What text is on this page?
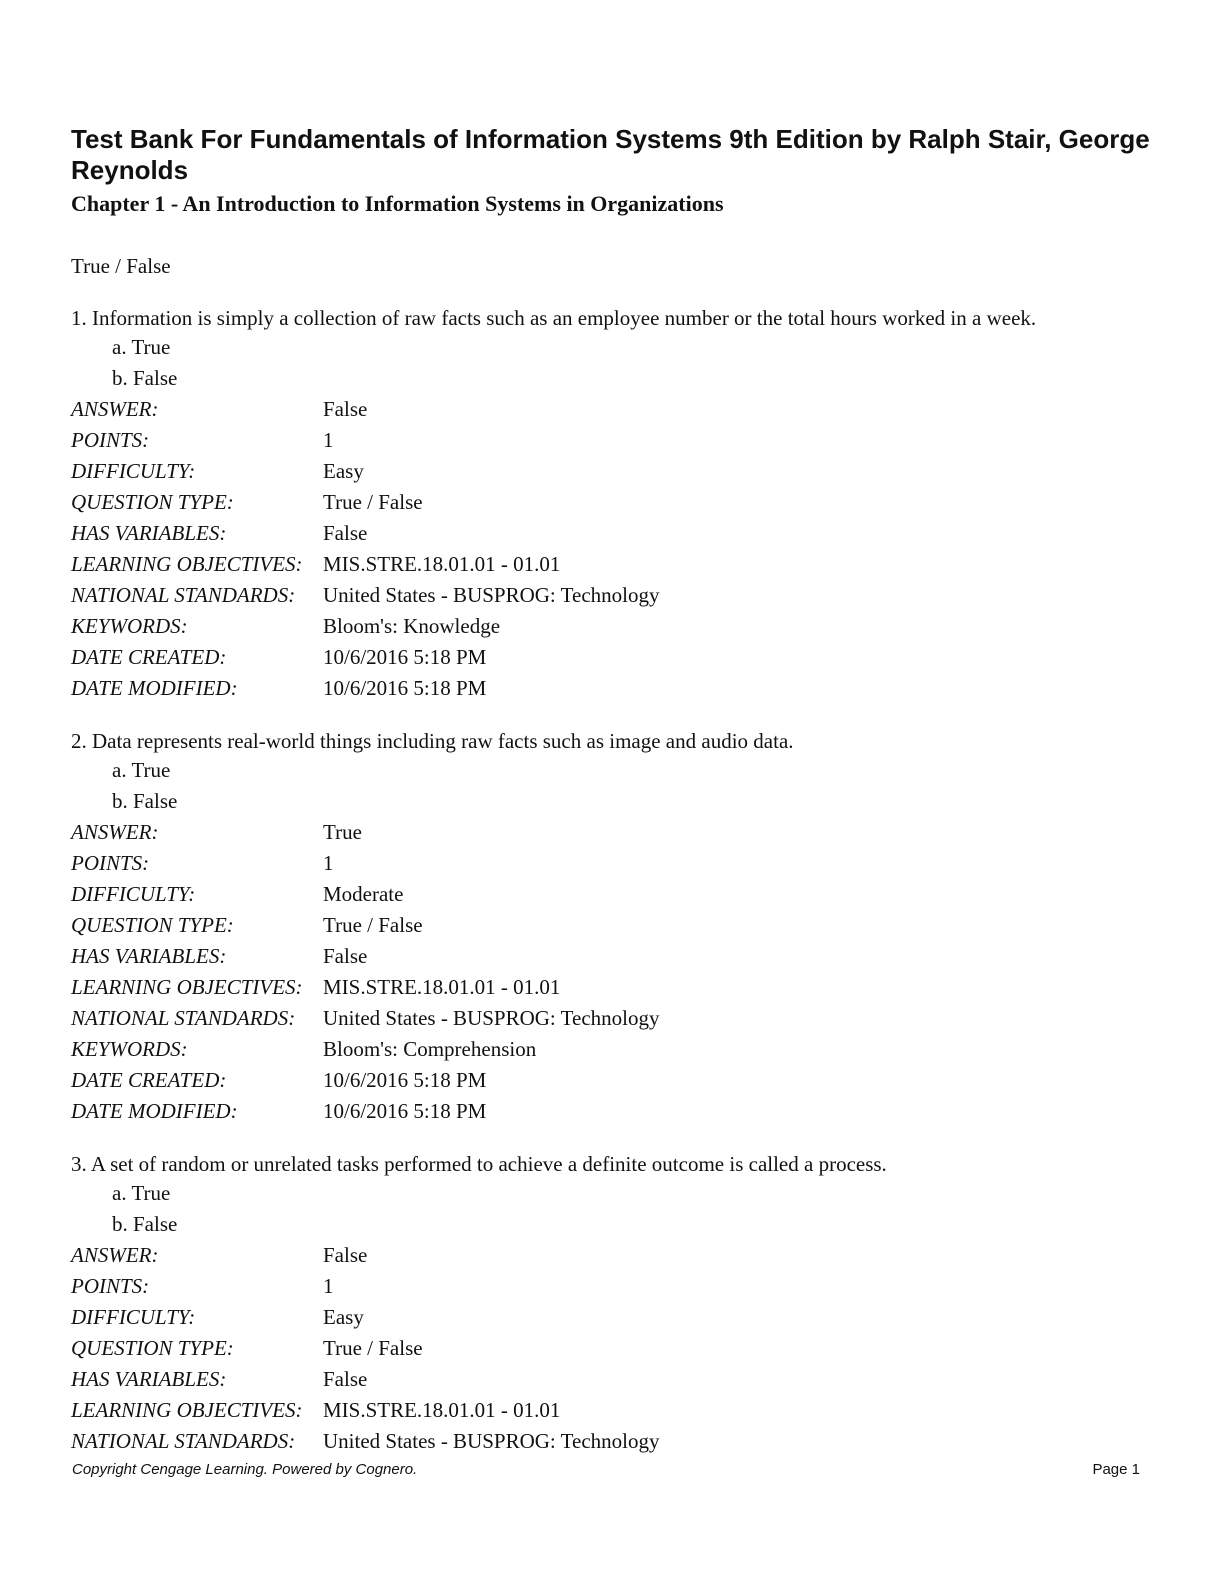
Test Bank For Fundamentals of Information Systems 9th Edition by Ralph Stair, George Reynolds
Chapter 1 - An Introduction to Information Systems in Organizations

True / False

1. Information is simply a collection of raw facts such as an employee number or the total hours worked in a week.

a. True

b. False

ANSWER:	False
POINTS:	1
DIFFICULTY:	Easy
QUESTION TYPE:	True / False
HAS VARIABLES:	False
LEARNING OBJECTIVES: MIS.STRE.18.01.01 - 01.01
NATIONAL STANDARDS:	United States - BUSPROG: Technology
KEYWORDS:	Bloom's: Knowledge
DATE CREATED:	10/6/2016 5:18 PM
DATE MODIFIED:	10/6/2016 5:18 PM

2. Data represents real-world things including raw facts such as image and audio data.

a. True

b. False

ANSWER:	True
POINTS:	1
DIFFICULTY:	Moderate
QUESTION TYPE:	True / False
HAS VARIABLES:	False
LEARNING OBJECTIVES: MIS.STRE.18.01.01 - 01.01
NATIONAL STANDARDS:	United States - BUSPROG: Technology
KEYWORDS:	Bloom's: Comprehension
DATE CREATED:	10/6/2016 5:18 PM
DATE MODIFIED:	10/6/2016 5:18 PM

3. A set of random or unrelated tasks performed to achieve a definite outcome is called a process.

a. True

b. False

ANSWER:	False
POINTS:	1
DIFFICULTY:	Easy
QUESTION TYPE:	True / False
HAS VARIABLES:	False
LEARNING OBJECTIVES: MIS.STRE.18.01.01 - 01.01
NATIONAL STANDARDS:	United States - BUSPROG: Technology
Copyright Cengage Learning. Powered by Cognero.	Page 1
